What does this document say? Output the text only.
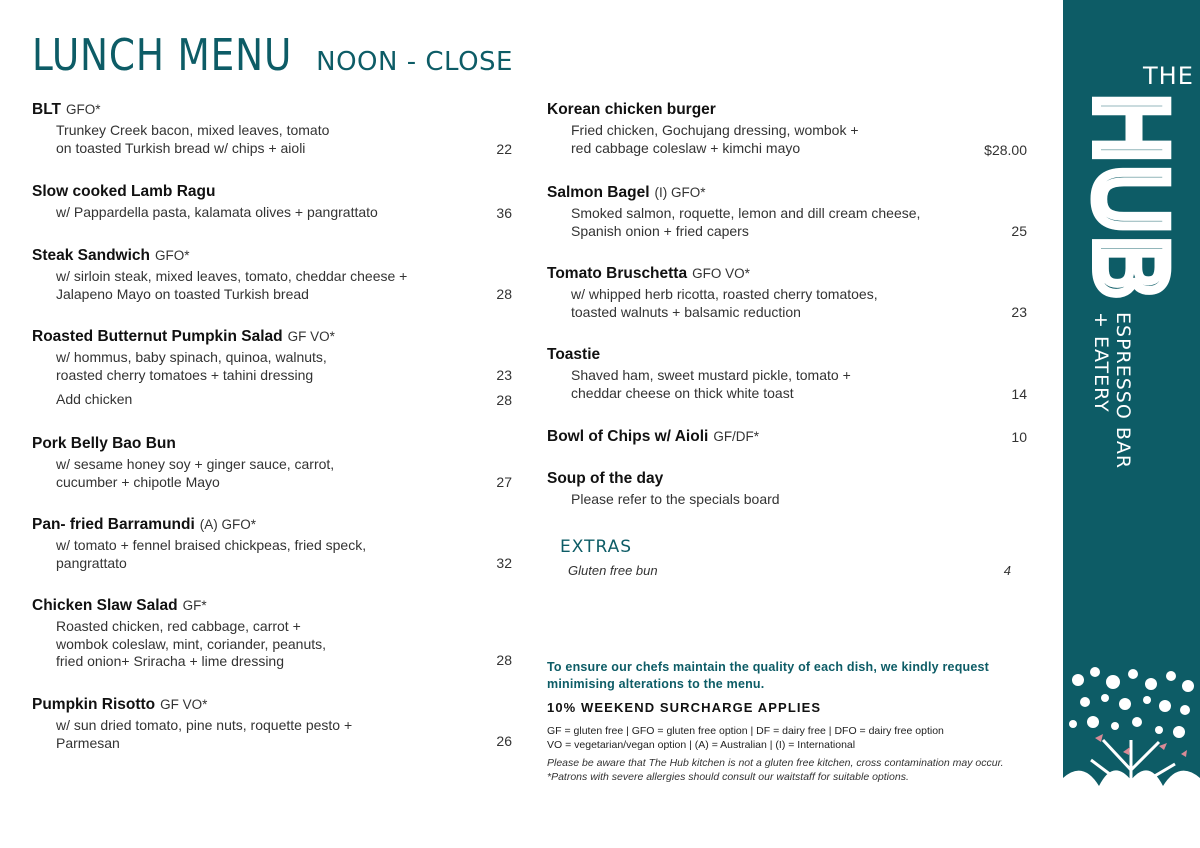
LUNCH MENU NOON - CLOSE
BLT GFO*
Trunkey Creek bacon, mixed leaves, tomato
on toasted Turkish bread w/ chips + aioli	22
Slow cooked Lamb Ragu
w/ Pappardella pasta, kalamata olives + pangrattato	36
Steak Sandwich GFO*
w/ sirloin steak, mixed leaves, tomato, cheddar cheese +
Jalapeno Mayo on toasted Turkish bread	28
Roasted Butternut Pumpkin Salad GF VO*
w/ hommus, baby spinach, quinoa, walnuts,
roasted cherry tomatoes + tahini dressing	23
Add chicken	28
Pork Belly Bao Bun
w/ sesame honey soy + ginger sauce, carrot,
cucumber + chipotle Mayo	27
Pan- fried Barramundi (A) GFO*
w/ tomato + fennel braised chickpeas, fried speck,
pangrattato	32
Chicken Slaw Salad GF*
Roasted chicken, red cabbage, carrot +
wombok coleslaw, mint, coriander, peanuts,
fried onion+ Sriracha + lime dressing	28
Pumpkin Risotto GF VO*
w/ sun dried tomato, pine nuts, roquette pesto +
Parmesan	26
Korean chicken burger
Fried chicken, Gochujang dressing, wombok +
red cabbage coleslaw + kimchi mayo	$28.00
Salmon Bagel (I) GFO*
Smoked salmon, roquette, lemon and dill cream cheese,
Spanish onion + fried capers	25
Tomato Bruschetta GFO VO*
w/ whipped herb ricotta, roasted cherry tomatoes,
toasted walnuts + balsamic reduction	23
Toastie
Shaved ham, sweet mustard pickle, tomato +
cheddar cheese on thick white toast	14
Bowl of Chips w/ Aioli GF/DF*	10
Soup of the day
Please refer to the specials board
EXTRAS
Gluten free bun	4
To ensure our chefs maintain the quality of each dish, we kindly request minimising alterations to the menu.
10% WEEKEND SURCHARGE APPLIES
GF = gluten free | GFO = gluten free option | DF = dairy free | DFO = dairy free option
VO = vegetarian/vegan option | (A) = Australian | (I) = International
Please be aware that The Hub kitchen is not a gluten free kitchen, cross contamination may occur.
*Patrons with severe allergies should consult our waitstaff for suitable options.
THE
HUB
ESPRESSO BAR
+ EATERY
